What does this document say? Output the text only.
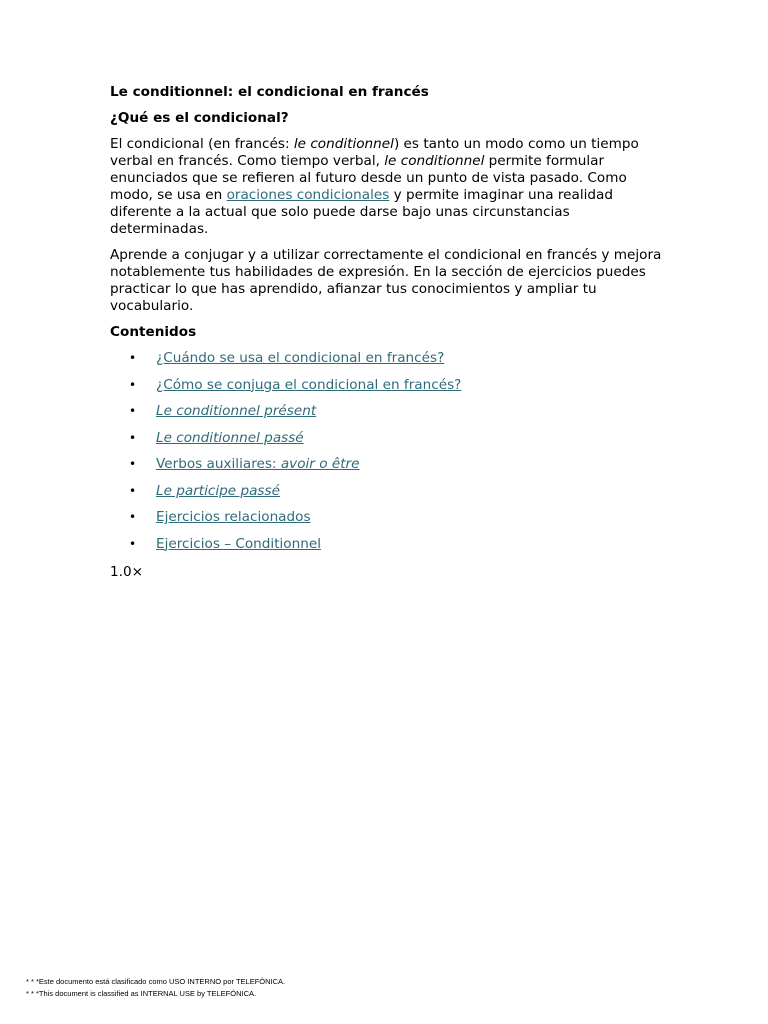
Le conditionnel: el condicional en francés
¿Qué es el condicional?

El condicional (en francés: le conditionnel) es tanto un modo como un tiempo verbal en francés. Como tiempo verbal, le conditionnel permite formular enunciados que se refieren al futuro desde un punto de vista pasado. Como modo, se usa en oraciones condicionales y permite imaginar una realidad diferente a la actual que solo puede darse bajo unas circunstancias determinadas.

Aprende a conjugar y a utilizar correctamente el condicional en francés y mejora notablemente tus habilidades de expresión. En la sección de ejercicios puedes practicar lo que has aprendido, afianzar tus conocimientos y ampliar tu vocabulario.

Contenidos
• ¿Cuándo se usa el condicional en francés?
• ¿Cómo se conjuga el condicional en francés?
• Le conditionnel présent
• Le conditionnel passé
• Verbos auxiliares: avoir o être
• Le participe passé
• Ejercicios relacionados
• Ejercicios – Conditionnel
1.0×
* * *Este documento está clasificado como USO INTERNO por TELEFÓNICA.
* * *This document is classified as INTERNAL USE by TELEFÓNICA.
